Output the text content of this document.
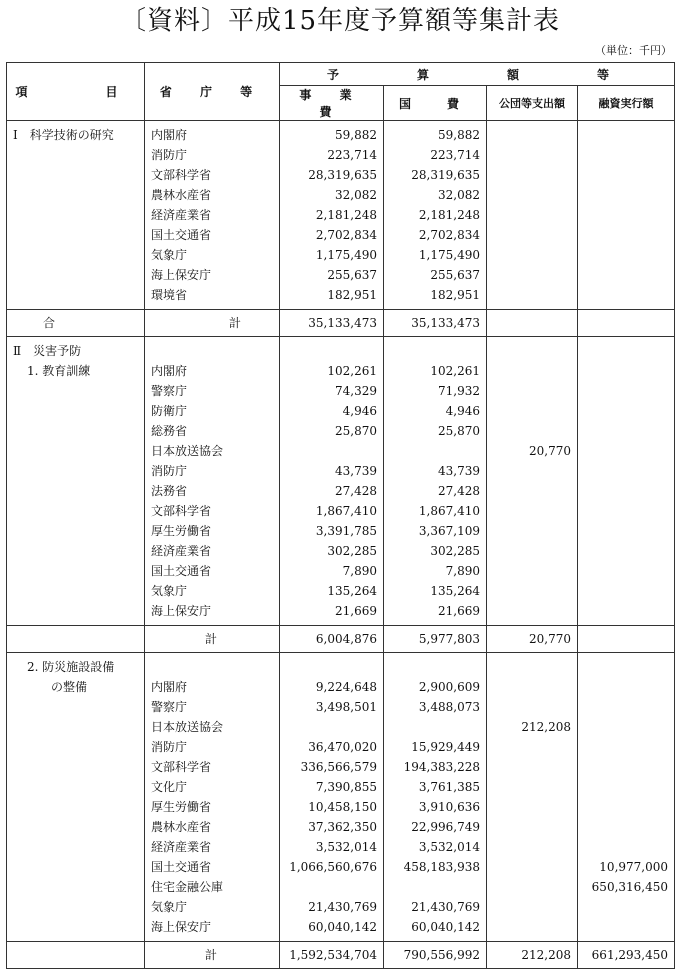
〔資料〕平成15年度予算額等集計表
（単位：千円）
項　　目	省 庁 等	予　　算　　額　　等			
		事 業 費	国　費	公団等支出額	融資実行額
Ⅰ　科学技術の研究	内閣府	59,882	59,882		
	消防庁	223,714	223,714		
	文部科学省	28,319,635	28,319,635		
	農林水産省	32,082	32,082		
	経済産業省	2,181,248	2,181,248		
	国土交通省	2,702,834	2,702,834		
	気象庁	1,175,490	1,175,490		
	海上保安庁	255,637	255,637		
	環境省	182,951	182,951		
合	計	35,133,473	35,133,473		
Ⅱ　災害予防					
1. 教育訓練	内閣府	102,261	102,261		
	警察庁	74,329	71,932		
	防衛庁	4,946	4,946		
	総務省	25,870	25,870		
	日本放送協会			20,770	
	消防庁	43,739	43,739		
	法務省	27,428	27,428		
	文部科学省	1,867,410	1,867,410		
	厚生労働省	3,391,785	3,367,109		
	経済産業省	302,285	302,285		
	国土交通省	7,890	7,890		
	気象庁	135,264	135,264		
	海上保安庁	21,669	21,669		
	計	6,004,876	5,977,803	20,770	
2. 防災施設設備					
の整備	内閣府	9,224,648	2,900,609		
	警察庁	3,498,501	3,488,073		
	日本放送協会			212,208	
	消防庁	36,470,020	15,929,449		
	文部科学省	336,566,579	194,383,228		
	文化庁	7,390,855	3,761,385		
	厚生労働省	10,458,150	3,910,636		
	農林水産省	37,362,350	22,996,749		
	経済産業省	3,532,014	3,532,014		
	国土交通省	1,066,560,676	458,183,938		10,977,000
	住宅金融公庫				650,316,450
	気象庁	21,430,769	21,430,769		
	海上保安庁	60,040,142	60,040,142		
	計	1,592,534,704	790,556,992	212,208	661,293,450
